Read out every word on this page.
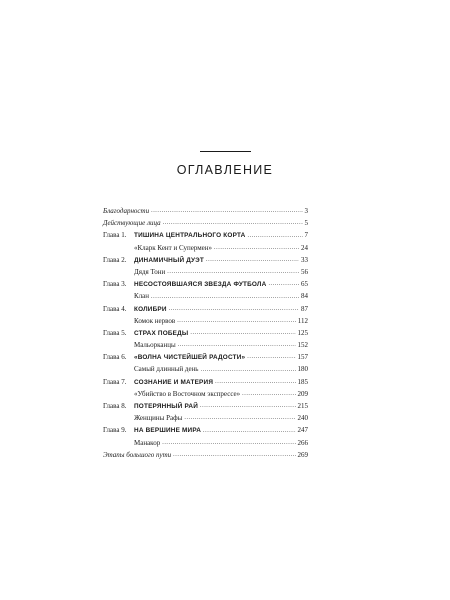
ОГЛАВЛЕНИЕ
Благодарности .....	3
Действующие лица .....	5
Глава 1.	ТИШИНА ЦЕНТРАЛЬНОГО КОРТА .....	7
«Кларк Кент и Супермен» .....	24
Глава 2.	ДИНАМИЧНЫЙ ДУЭТ .....	33
Дядя Тони .....	56
Глава 3.	НЕСОСТОЯВШАЯСЯ ЗВЕЗДА ФУТБОЛА .....	65
Клан .....	84
Глава 4.	КОЛИБРИ .....	87
Комок нервов .....	112
Глава 5.	СТРАХ ПОБЕДЫ .....	125
Мальорканцы .....	152
Глава 6.	«ВОЛНА ЧИСТЕЙШЕЙ РАДОСТИ» .....	157
Самый длинный день .....	180
Глава 7.	СОЗНАНИЕ И МАТЕРИЯ .....	185
«Убийство в Восточном экспрессе» .....	209
Глава 8.	ПОТЕРЯННЫЙ РАЙ .....	215
Женщины Рафы .....	240
Глава 9.	НА ВЕРШИНЕ МИРА .....	247
Манакор .....	266
Этапы большого пути .....	269
